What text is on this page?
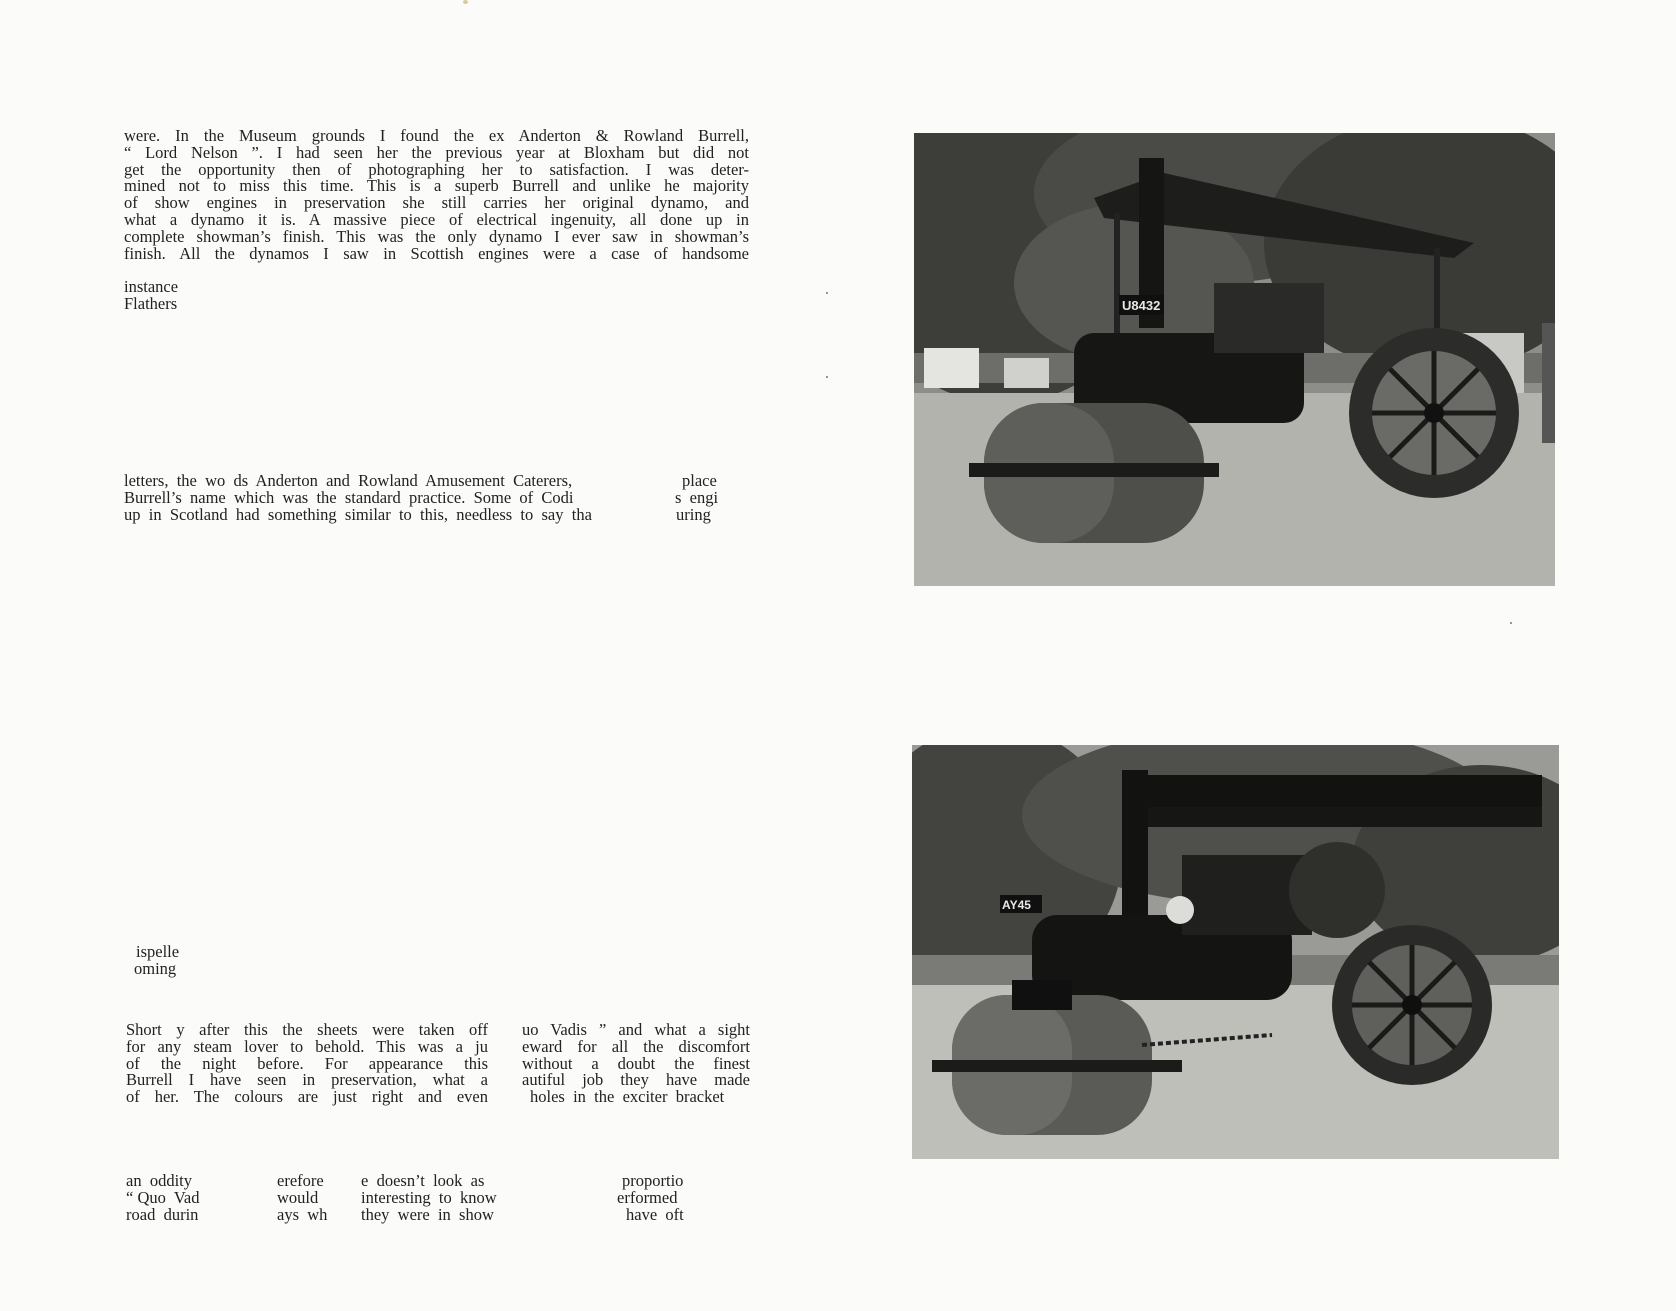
were. In the Museum grounds I found the ex Anderton & Rowland Burrell,
“ Lord Nelson ”. I had seen her the previous year at Bloxham but did not
get the opportunity then of photographing her to satisfaction. I was deter-
mined not to miss this time. This is a superb Burrell and unlike he majority
of show engines in preservation she still carries her original dynamo, and
what a dynamo it is. A massive piece of electrical ingenuity, all done up in
complete showman’s finish. This was the only dynamo I ever saw in showman’s
finish. All the dynamos I saw in Scottish engines were a case of handsome
instance
Flathers
letters,  the  wo  ds  Anderton  and  Rowland  Amusement  Caterers,
Burrell’s  name  which  was  the  standard  practice.  Some  of  Codi
up  in  Scotland  had  something  similar  to  this,  needless  to  say  tha
place
s  engi
uring
ispelle
oming
Short y after this the sheets were taken off
for any steam lover to behold. This was a ju
of the night before. For appearance this
Burrell I have seen in preservation, what a
of her. The colours are just right and even
uo Vadis ” and what a sight
eward for all the discomfort
without a doubt the finest
autiful job they have made
holes  in  the  exciter  bracket
an  oddity
“ Quo  Vad
road  durin
erefore
would
ays  wh
e  doesn’t  look  as
interesting  to  know
they  were  in  show
proportio
erformed
have  oft
U8432
AY45
